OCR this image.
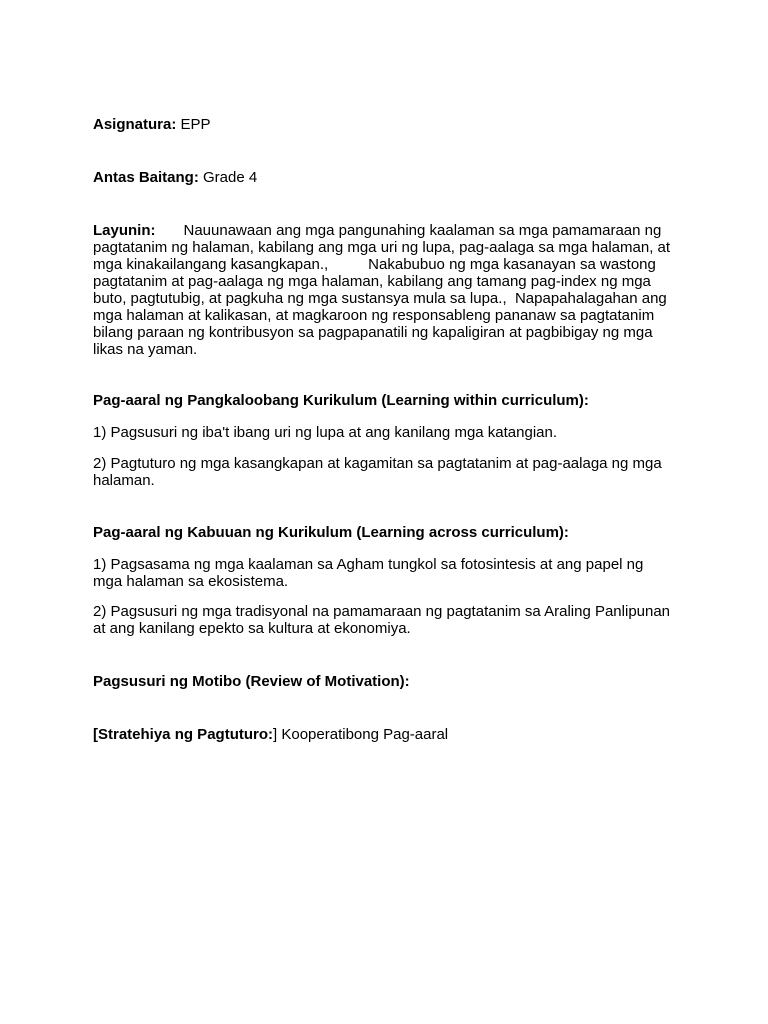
Asignatura: EPP

Antas Baitang: Grade 4

Layunin: Nauunawaan ang mga pangunahing kaalaman sa mga pamamaraan ng pagtatanim ng halaman, kabilang ang mga uri ng lupa, pag-aalaga sa mga halaman, at mga kinakailangang kasangkapan.,	Nakabubuo ng mga kasanayan sa wastong pagtatanim at pag-aalaga ng mga halaman, kabilang ang tamang pag-index ng mga buto, pagtutubig, at pagkuha ng mga sustansya mula sa lupa., Napapahalagahan ang mga halaman at kalikasan, at magkaroon ng responsableng pananaw sa pagtatanim bilang paraan ng kontribusyon sa pagpapanatili ng kapaligiran at pagbibigay ng mga likas na yaman.

Pag-aaral ng Pangkaloobang Kurikulum (Learning within curriculum):

1) Pagsusuri ng iba't ibang uri ng lupa at ang kanilang mga katangian.

2) Pagtuturo ng mga kasangkapan at kagamitan sa pagtatanim at pag-aalaga ng mga halaman.

Pag-aaral ng Kabuuan ng Kurikulum (Learning across curriculum):

1) Pagsasama ng mga kaalaman sa Agham tungkol sa fotosintesis at ang papel ng mga halaman sa ekosistema.

2) Pagsusuri ng mga tradisyonal na pamamaraan ng pagtatanim sa Araling Panlipunan at ang kanilang epekto sa kultura at ekonomiya.

Pagsusuri ng Motibo (Review of Motivation):

[Stratehiya ng Pagtuturo:] Kooperatibong Pag-aaral
